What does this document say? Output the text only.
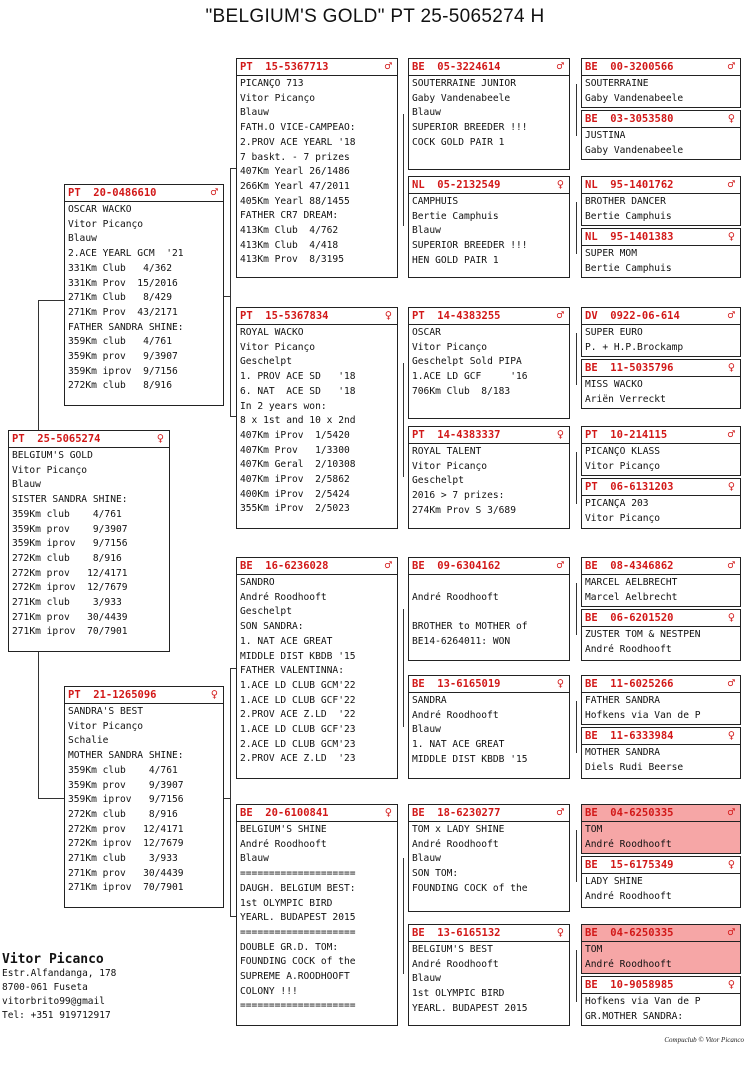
"BELGIUM'S GOLD" PT 25-5065274 H
PT  25-5065274	♀
BELGIUM'S GOLD
Vitor Picanço
Blauw
SISTER SANDRA SHINE:
359Km club    4/761
359Km prov    9/3907
359Km iprov   9/7156
272Km club    8/916
272Km prov   12/4171
272Km iprov  12/7679
271Km club    3/933
271Km prov   30/4439
271Km iprov  70/7901
PT  20-0486610	♂
OSCAR WACKO
Vitor Picanço
Blauw
2.ACE YEARL GCM  '21
331Km Club   4/362
331Km Prov  15/2016
271Km Club   8/429
271Km Prov  43/2171
FATHER SANDRA SHINE:
359Km club   4/761
359Km prov   9/3907
359Km iprov  9/7156
272Km club   8/916
PT  21-1265096	♀
SANDRA'S BEST
Vitor Picanço
Schalie
MOTHER SANDRA SHINE:
359Km club    4/761
359Km prov    9/3907
359Km iprov   9/7156
272Km club    8/916
272Km prov   12/4171
272Km iprov  12/7679
271Km club    3/933
271Km prov   30/4439
271Km iprov  70/7901
PT  15-5367713	♂
PICANÇO 713
Vitor Picanço
Blauw
FATH.O VICE-CAMPEAO:
2.PROV ACE YEARL '18
7 baskt. - 7 prizes
407Km Yearl 26/1486
266Km Yearl 47/2011
405Km Yearl 88/1455
FATHER CR7 DREAM:
413Km Club  4/762
413Km Club  4/418
413Km Prov  8/3195
PT  15-5367834	♀
ROYAL WACKO
Vitor Picanço
Geschelpt
1. PROV ACE SD   '18
6. NAT  ACE SD   '18
In 2 years won:
8 x 1st and 10 x 2nd
407Km iProv  1/5420
407Km Prov   1/3300
407Km Geral  2/10308
407Km iProv  2/5862
400Km iProv  2/5424
355Km iProv  2/5023
BE  16-6236028	♂
SANDRO
André Roodhooft
Geschelpt
SON SANDRA:
1. NAT ACE GREAT
MIDDLE DIST KBDB '15
FATHER VALENTINNA:
1.ACE LD CLUB GCM'22
1.ACE LD CLUB GCF'22
2.PROV ACE Z.LD  '22
1.ACE LD CLUB GCF'23
2.ACE LD CLUB GCM'23
2.PROV ACE Z.LD  '23
BE  20-6100841	♀
BELGIUM'S SHINE
André Roodhooft
Blauw
====================
DAUGH. BELGIUM BEST:
1st OLYMPIC BIRD
YEARL. BUDAPEST 2015
====================
DOUBLE GR.D. TOM:
FOUNDING COCK of the
SUPREME A.ROODHOOFT
COLONY !!!
====================
BE  05-3224614	♂
SOUTERRAINE JUNIOR
Gaby Vandenabeele
Blauw
SUPERIOR BREEDER !!!
COCK GOLD PAIR 1
NL  05-2132549	♀
CAMPHUIS
Bertie Camphuis
Blauw
SUPERIOR BREEDER !!!
HEN GOLD PAIR 1
PT  14-4383255	♂
OSCAR
Vitor Picanço
Geschelpt Sold PIPA
1.ACE LD GCF     '16
706Km Club  8/183
PT  14-4383337	♀
ROYAL TALENT
Vitor Picanço
Geschelpt
2016 > 7 prizes:
274Km Prov S 3/689
BE  09-6304162	♂
André Roodhooft
BROTHER to MOTHER of
BE14-6264011: WON
BE  13-6165019	♀
SANDRA
André Roodhooft
Blauw
1. NAT ACE GREAT
MIDDLE DIST KBDB '15
BE  18-6230277	♂
TOM x LADY SHINE
André Roodhooft
Blauw
SON TOM:
FOUNDING COCK of the
BE  13-6165132	♀
BELGIUM'S BEST
André Roodhooft
Blauw
1st OLYMPIC BIRD
YEARL. BUDAPEST 2015
BE  00-3200566	♂
SOUTERRAINE
Gaby Vandenabeele
BE  03-3053580	♀
JUSTINA
Gaby Vandenabeele
NL  95-1401762	♂
BROTHER DANCER
Bertie Camphuis
NL  95-1401383	♀
SUPER MOM
Bertie Camphuis
DV  0922-06-614	♂
SUPER EURO
P. + H.P.Brockamp
BE  11-5035796	♀
MISS WACKO
Ariën Verreckt
PT  10-214115	♂
PICANÇO KLASS
Vitor Picanço
PT  06-6131203	♀
PICANÇA 203
Vitor Picanço
BE  08-4346862	♂
MARCEL AELBRECHT
Marcel Aelbrecht
BE  06-6201520	♀
ZUSTER TOM & NESTPEN
André Roodhooft
BE  11-6025266	♂
FATHER SANDRA
Hofkens via Van de P
BE  11-6333984	♀
MOTHER SANDRA
Diels Rudi Beerse
BE  04-6250335	♂
TOM
André Roodhooft
BE  15-6175349	♀
LADY SHINE
André Roodhooft
BE  04-6250335	♂
TOM
André Roodhooft
BE  10-9058985	♀
Hofkens via Van de P
GR.MOTHER SANDRA:
Vitor Picanco
Estr.Alfandanga, 178
8700-061 Fuseta
vitorbrito99@gmail
Tel: +351 919712917
Compuclub © Vitor Picanco
